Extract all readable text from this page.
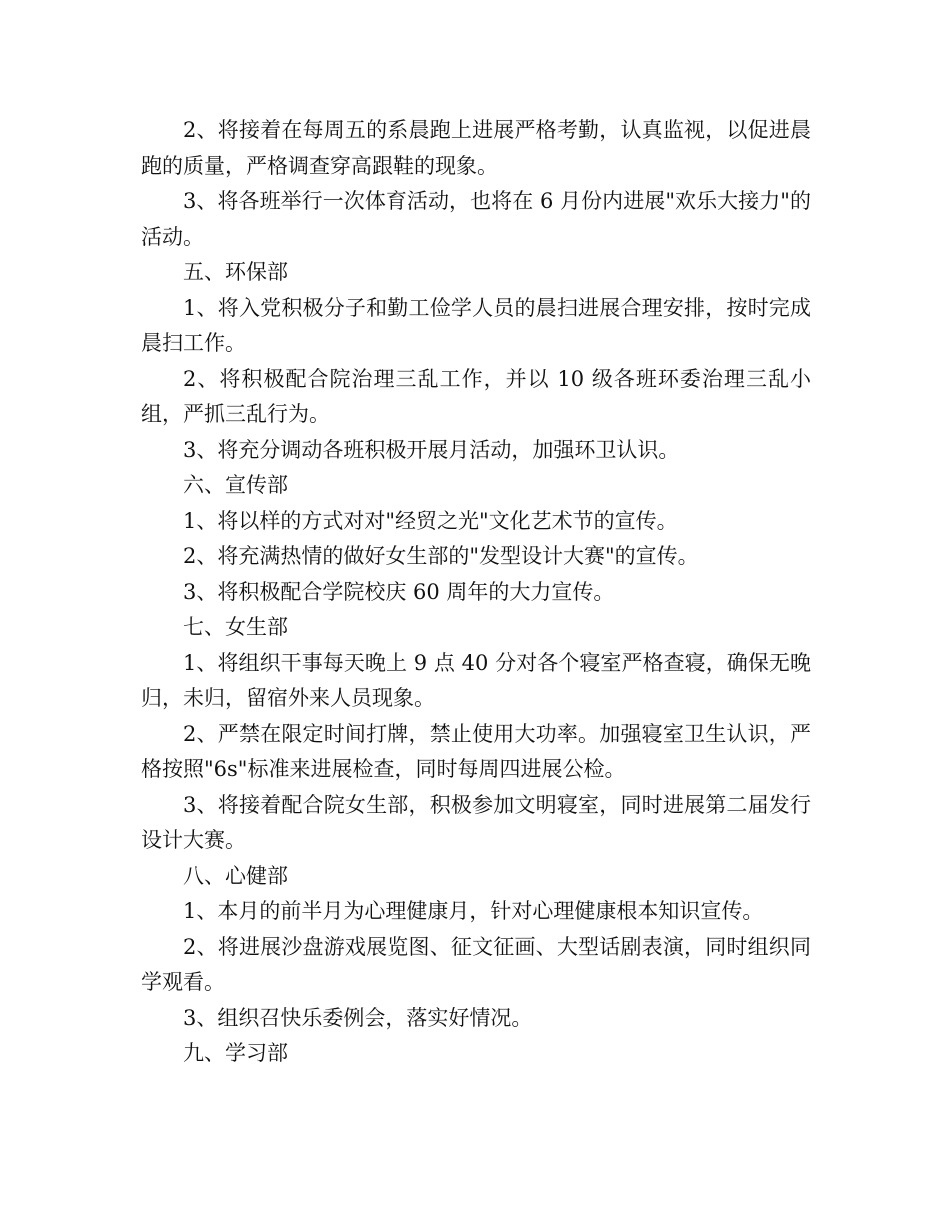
2、将接着在每周五的系晨跑上进展严格考勤，认真监视，以促进晨跑的质量，严格调查穿高跟鞋的现象。

3、将各班举行一次体育活动，也将在 6 月份内进展"欢乐大接力"的活动。

五、环保部

1、将入党积极分子和勤工俭学人员的晨扫进展合理安排，按时完成晨扫工作。

2、将积极配合院治理三乱工作，并以 10 级各班环委治理三乱小组，严抓三乱行为。

3、将充分调动各班积极开展月活动，加强环卫认识。

六、宣传部

1、将以样的方式对对"经贸之光"文化艺术节的宣传。

2、将充满热情的做好女生部的"发型设计大赛"的宣传。

3、将积极配合学院校庆 60 周年的大力宣传。

七、女生部

1、将组织干事每天晚上 9 点 40 分对各个寝室严格查寝，确保无晚归，未归，留宿外来人员现象。

2、严禁在限定时间打牌，禁止使用大功率。加强寝室卫生认识，严格按照"6s"标准来进展检查，同时每周四进展公检。

3、将接着配合院女生部，积极参加文明寝室，同时进展第二届发行设计大赛。

八、心健部

1、本月的前半月为心理健康月，针对心理健康根本知识宣传。

2、将进展沙盘游戏展览图、征文征画、大型话剧表演，同时组织同学观看。

3、组织召快乐委例会，落实好情况。

九、学习部
